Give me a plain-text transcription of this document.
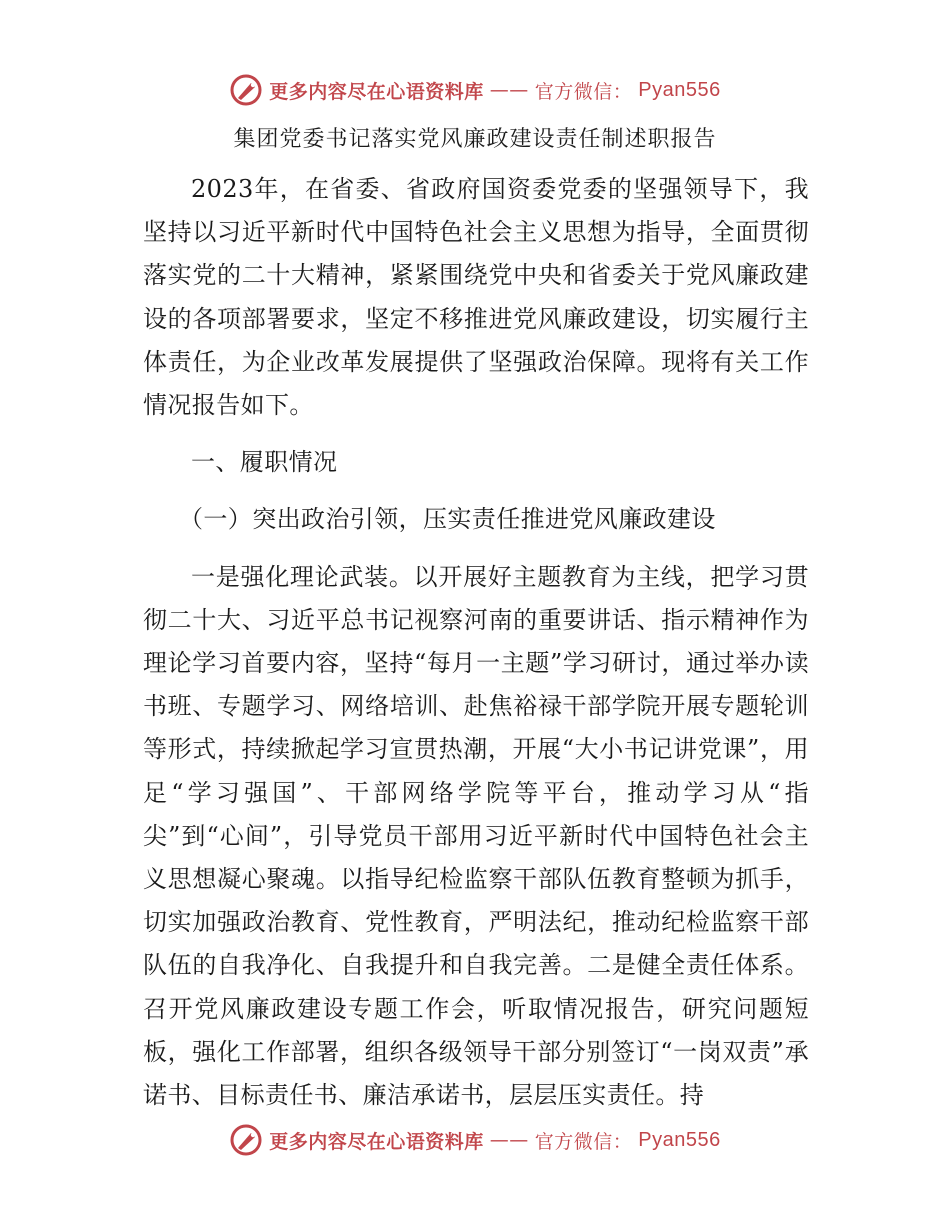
更多内容尽在心语资料库 —— 官方微信： Pyan556
集团党委书记落实党风廉政建设责任制述职报告

2023年，在省委、省政府国资委党委的坚强领导下，我坚持以习近平新时代中国特色社会主义思想为指导，全面贯彻落实党的二十大精神，紧紧围绕党中央和省委关于党风廉政建设的各项部署要求，坚定不移推进党风廉政建设，切实履行主体责任，为企业改革发展提供了坚强政治保障。现将有关工作情况报告如下。

一、履职情况

（一）突出政治引领，压实责任推进党风廉政建设

一是强化理论武装。以开展好主题教育为主线，把学习贯彻二十大、习近平总书记视察河南的重要讲话、指示精神作为理论学习首要内容，坚持“每月一主题”学习研讨，通过举办读书班、专题学习、网络培训、赴焦裕禄干部学院开展专题轮训等形式，持续掀起学习宣贯热潮，开展“大小书记讲党课”，用足“学习强国”、干部网络学院等平台，推动学习从“指尖”到“心间”，引导党员干部用习近平新时代中国特色社会主义思想凝心聚魂。以指导纪检监察干部队伍教育整顿为抓手，切实加强政治教育、党性教育，严明法纪，推动纪检监察干部队伍的自我净化、自我提升和自我完善。二是健全责任体系。召开党风廉政建设专题工作会，听取情况报告，研究问题短板，强化工作部署，组织各级领导干部分别签订“一岗双责”承诺书、目标责任书、廉洁承诺书，层层压实责任。持

更多内容尽在心语资料库 —— 官方微信： Pyan556
